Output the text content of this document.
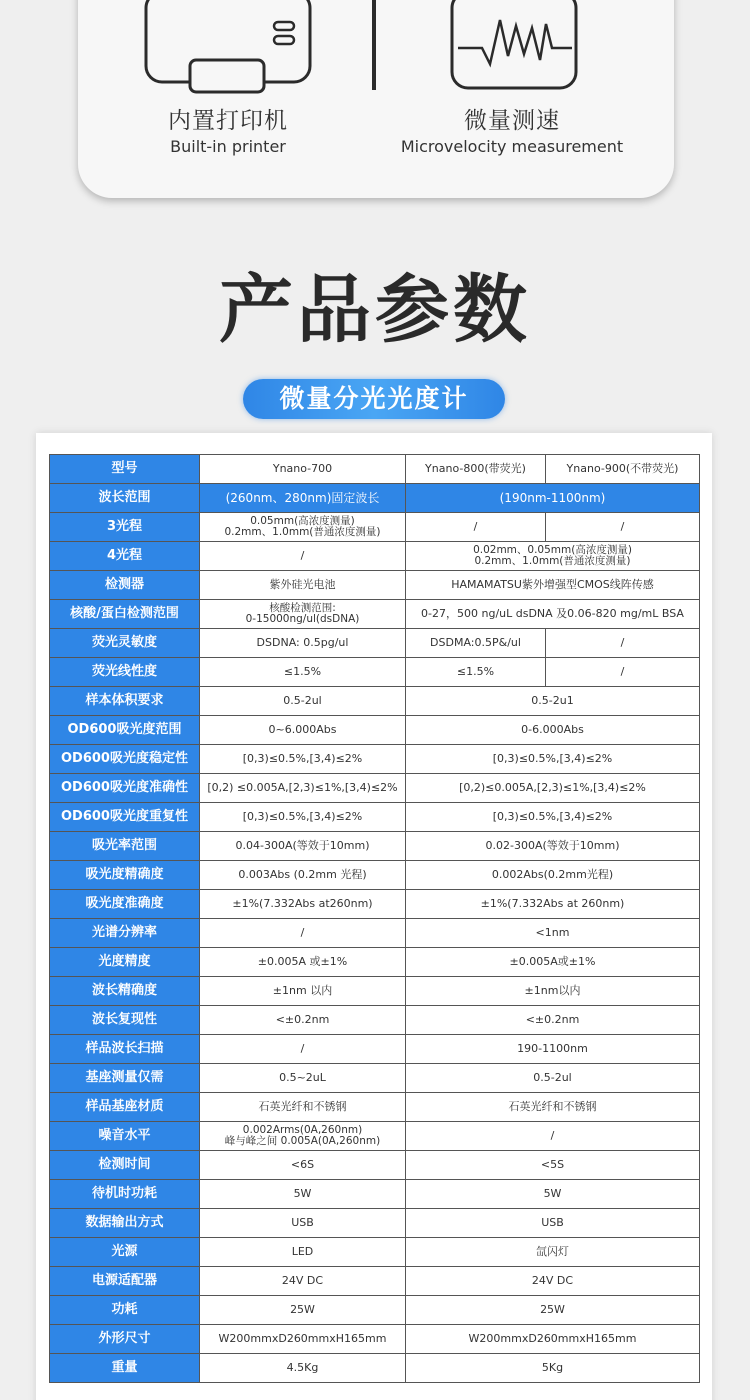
内置打印机
Built-in printer
微量测速
Microvelocity measurement
产品参数
微量分光光度计
型号	Ynano-700	Ynano-800(带荧光)	Ynano-900(不带荧光)
波长范围	(260nm、280nm)固定波长	(190nm-1100nm)	
3光程	0.05mm(高浓度测量)
0.2mm、1.0mm(普通浓度测量)	/	/
4光程	/	0.02mm、0.05mm(高浓度测量)
0.2mm、1.0mm(普通浓度测量)	
检测器	紫外硅光电池	HAMAMATSU紫外增强型CMOS线阵传感	
核酸/蛋白检测范围	核酸检测范围:
0-15000ng/ul(dsDNA)	0-27，500 ng/uL dsDNA 及0.06-820 mg/mL BSA	
荧光灵敏度	DSDNA: 0.5pg/ul	DSDMA:0.5P&/ul	/
荧光线性度	≤1.5%	≤1.5%	/
样本体积要求	0.5-2ul	0.5-2u1	
OD600吸光度范围	0~6.000Abs	0-6.000Abs	
OD600吸光度稳定性	[0,3)≤0.5%,[3,4)≤2%	[0,3)≤0.5%,[3,4)≤2%	
OD600吸光度准确性	[0,2) ≤0.005A,[2,3)≤1%,[3,4)≤2%	[0,2)≤0.005A,[2,3)≤1%,[3,4)≤2%	
OD600吸光度重复性	[0,3)≤0.5%,[3,4)≤2%	[0,3)≤0.5%,[3,4)≤2%	
吸光率范围	0.04-300A(等效于10mm)	0.02-300A(等效于10mm)	
吸光度精确度	0.003Abs (0.2mm 光程)	0.002Abs(0.2mm光程)	
吸光度准确度	±1%(7.332Abs at260nm)	±1%(7.332Abs at 260nm)	
光谱分辨率	/	<1nm	
光度精度	±0.005A 或±1%	±0.005A或±1%	
波长精确度	±1nm 以内	±1nm以内	
波长复现性	<±0.2nm	<±0.2nm	
样品波长扫描	/	190-1100nm	
基座测量仅需	0.5~2uL	0.5-2ul	
样品基座材质	石英光纤和不锈钢	石英光纤和不锈钢	
噪音水平	0.002Arms(0A,260nm)
峰与峰之间 0.005A(0A,260nm)	/	
检测时间	<6S	<5S	
待机时功耗	5W	5W	
数据输出方式	USB	USB	
光源	LED	氙闪灯	
电源适配器	24V DC	24V DC	
功耗	25W	25W	
外形尺寸	W200mmxD260mmxH165mm	W200mmxD260mmxH165mm	
重量	4.5Kg	5Kg	
